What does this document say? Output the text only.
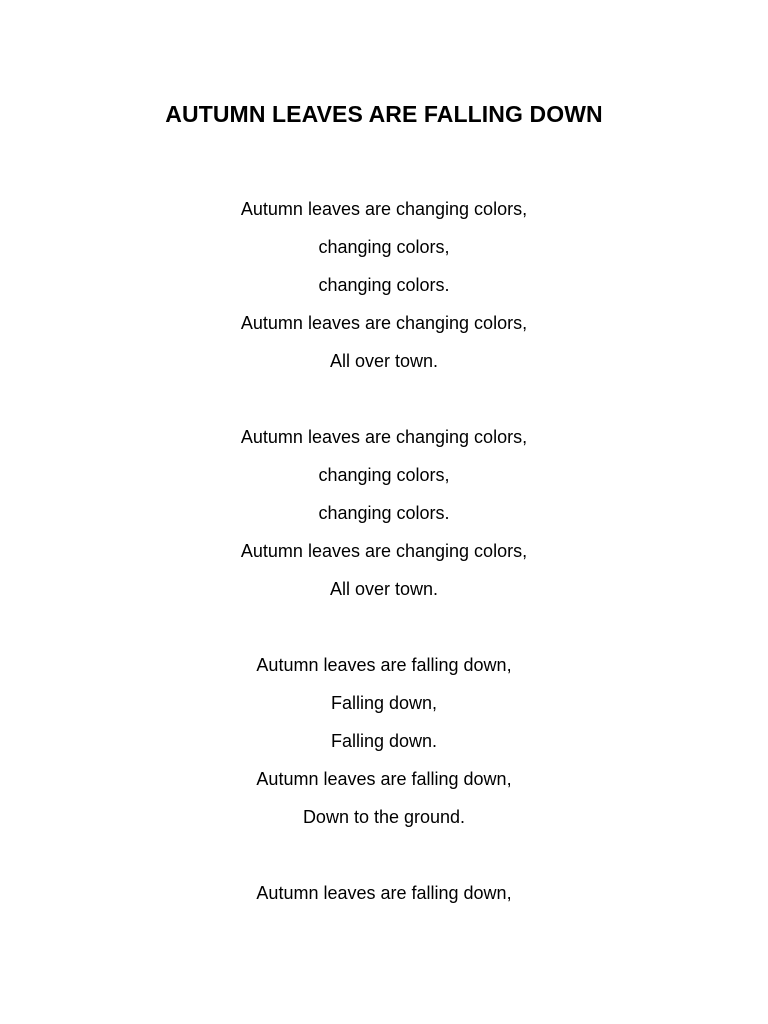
AUTUMN LEAVES ARE FALLING DOWN
Autumn leaves are changing colors,
changing colors,
changing colors.
Autumn leaves are changing colors,
All over town.
Autumn leaves are changing colors,
changing colors,
changing colors.
Autumn leaves are changing colors,
All over town.
Autumn leaves are falling down,
Falling down,
Falling down.
Autumn leaves are falling down,
Down to the ground.
Autumn leaves are falling down,
